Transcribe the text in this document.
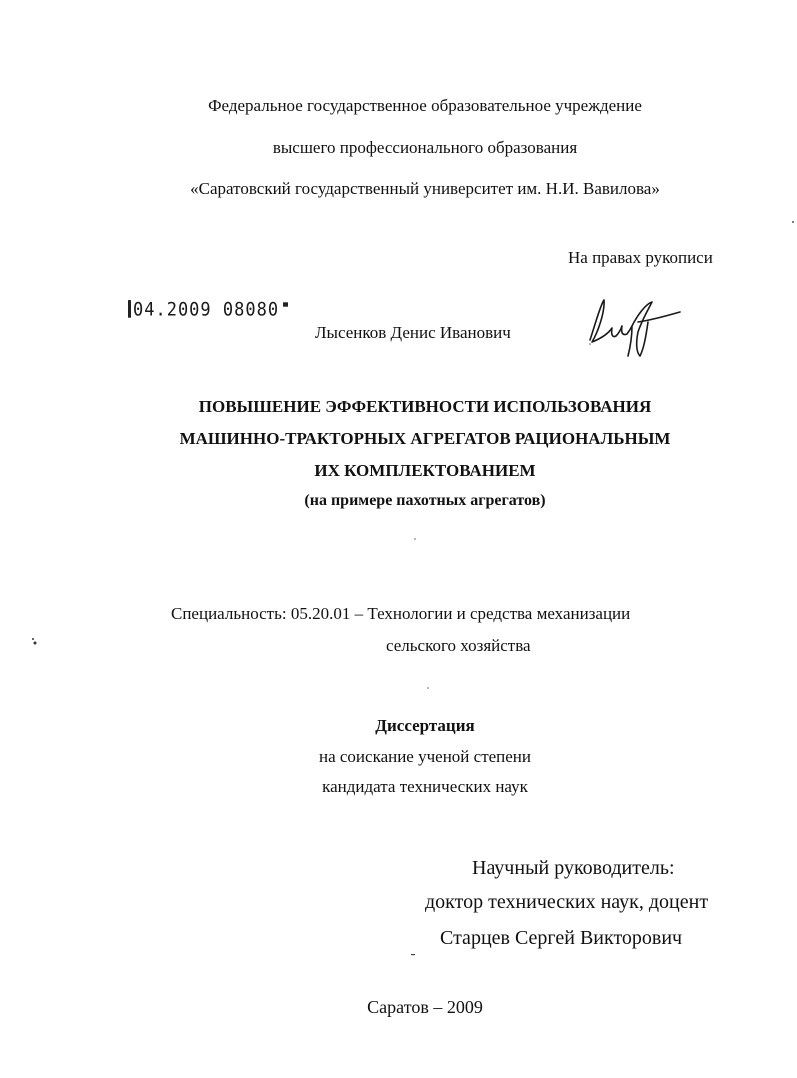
Федеральное государственное образовательное учреждение
высшего профессионального образования
«Саратовский государственный университет им. Н.И. Вавилова»
На правах рукописи
04.2009 08080
Лысенков Денис Иванович
ПОВЫШЕНИЕ ЭФФЕКТИВНОСТИ ИСПОЛЬЗОВАНИЯ
МАШИННО-ТРАКТОРНЫХ АГРЕГАТОВ РАЦИОНАЛЬНЫМ
ИХ КОМПЛЕКТОВАНИЕМ
(на примере пахотных агрегатов)
Специальность: 05.20.01 – Технологии и средства механизации
сельского хозяйства
Диссертация
на соискание ученой степени
кандидата технических наук
Научный руководитель:
доктор технических наук, доцент
Старцев Сергей Викторович
Саратов – 2009
